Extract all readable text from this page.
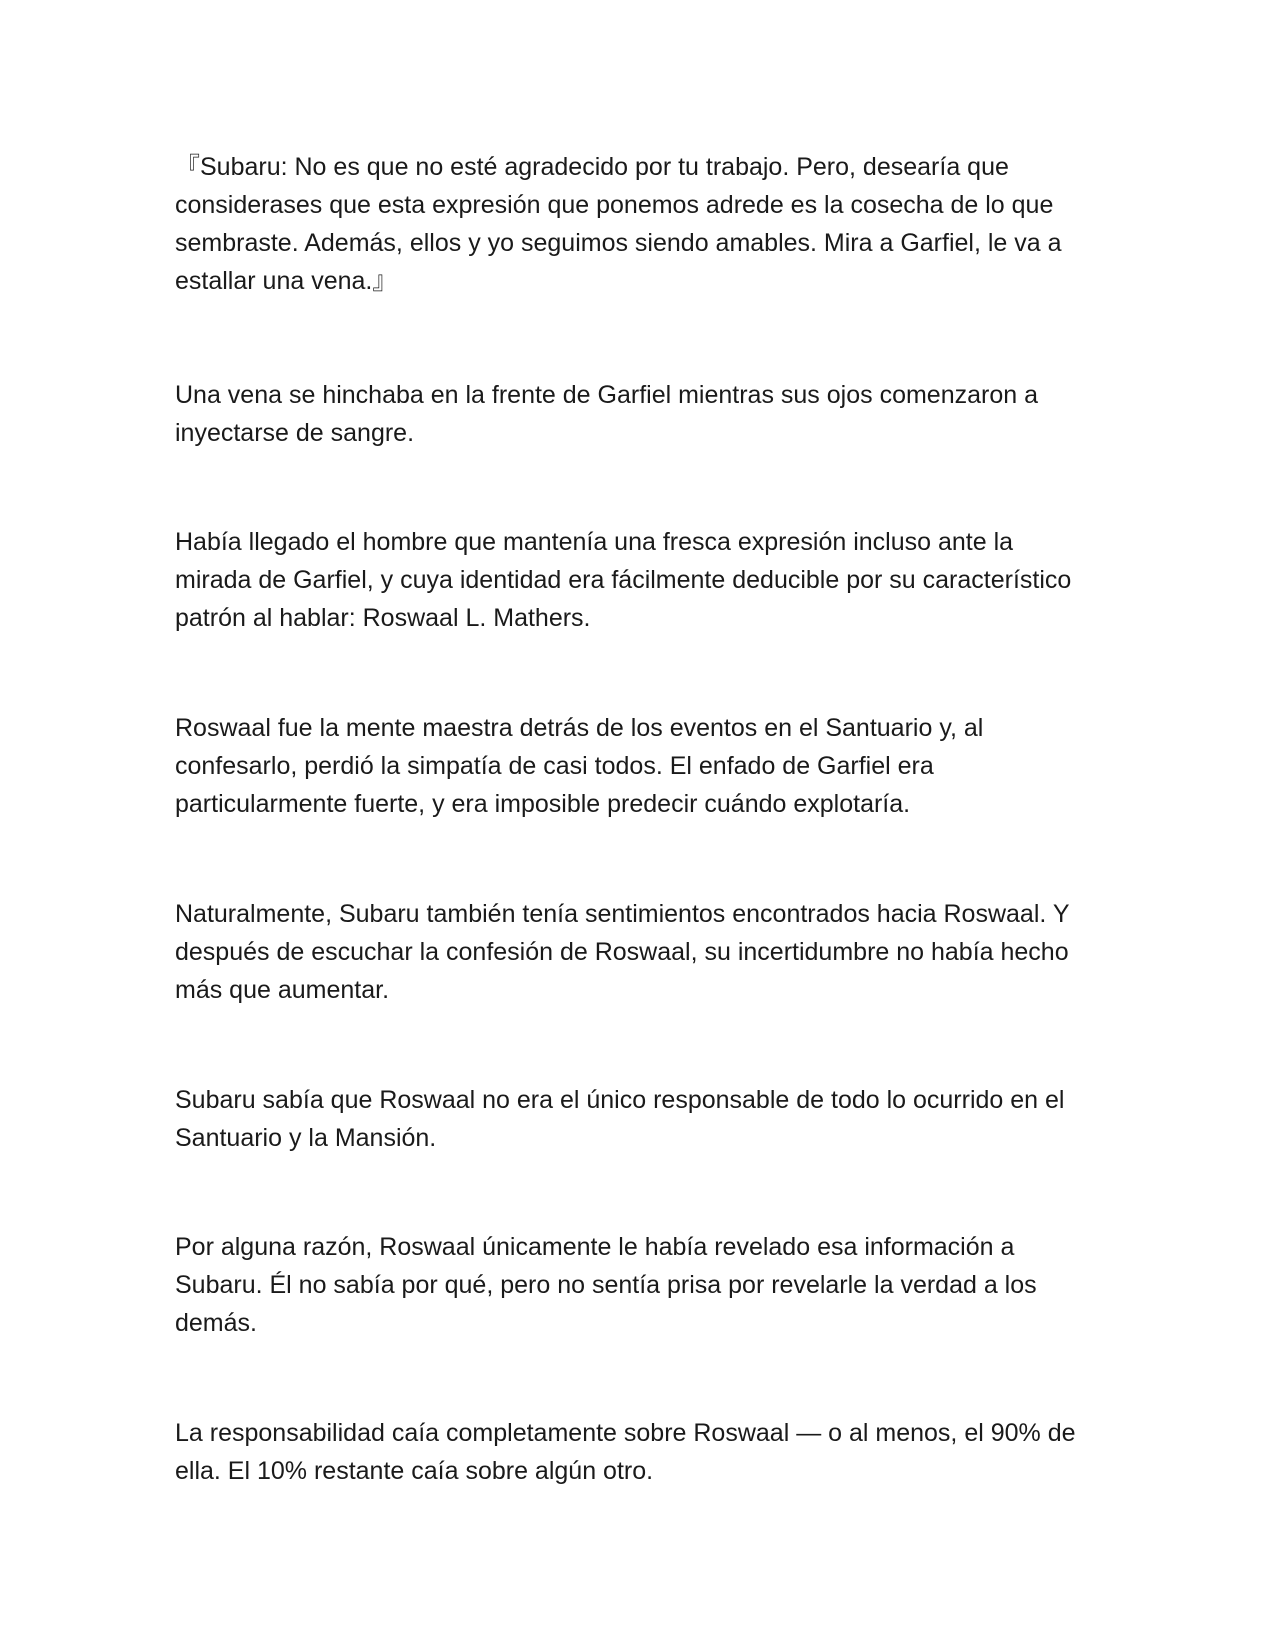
『Subaru: No es que no esté agradecido por tu trabajo. Pero, desearía que considerases que esta expresión que ponemos adrede es la cosecha de lo que sembraste. Además, ellos y yo seguimos siendo amables. Mira a Garfiel, le va a estallar una vena.』

Una vena se hinchaba en la frente de Garfiel mientras sus ojos comenzaron a inyectarse de sangre.

Había llegado el hombre que mantenía una fresca expresión incluso ante la mirada de Garfiel, y cuya identidad era fácilmente deducible por su característico patrón al hablar: Roswaal L. Mathers.

Roswaal fue la mente maestra detrás de los eventos en el Santuario y, al confesarlo, perdió la simpatía de casi todos. El enfado de Garfiel era particularmente fuerte, y era imposible predecir cuándo explotaría.

Naturalmente, Subaru también tenía sentimientos encontrados hacia Roswaal. Y después de escuchar la confesión de Roswaal, su incertidumbre no había hecho más que aumentar.

Subaru sabía que Roswaal no era el único responsable de todo lo ocurrido en el Santuario y la Mansión.

Por alguna razón, Roswaal únicamente le había revelado esa información a Subaru. Él no sabía por qué, pero no sentía prisa por revelarle la verdad a los demás.

La responsabilidad caía completamente sobre Roswaal — o al menos, el 90% de ella. El 10% restante caía sobre algún otro.
